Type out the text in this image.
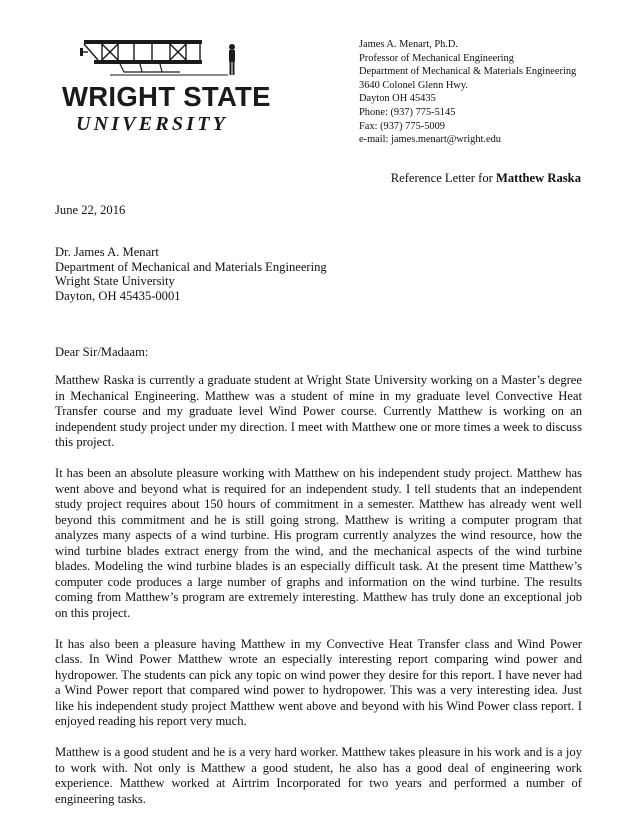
WRIGHT STATE
UNIVERSITY
James A. Menart, Ph.D.
Professor of Mechanical Engineering
Department of Mechanical & Materials Engineering
3640 Colonel Glenn Hwy.
Dayton OH 45435
Phone: (937) 775-5145
Fax: (937) 775-5009
e-mail: james.menart@wright.edu
Reference Letter for Matthew Raska
June 22, 2016
Dr. James A. Menart
Department of Mechanical and Materials Engineering
Wright State University
Dayton, OH 45435-0001
Dear Sir/Madaam:

Matthew Raska is currently a graduate student at Wright State University working on a Master’s degree in Mechanical Engineering. Matthew was a student of mine in my graduate level Convective Heat Transfer course and my graduate level Wind Power course. Currently Matthew is working on an independent study project under my direction. I meet with Matthew one or more times a week to discuss this project.

It has been an absolute pleasure working with Matthew on his independent study project. Matthew has went above and beyond what is required for an independent study. I tell students that an independent study project requires about 150 hours of commitment in a semester. Matthew has already went well beyond this commitment and he is still going strong. Matthew is writing a computer program that analyzes many aspects of a wind turbine. His program currently analyzes the wind resource, how the wind turbine blades extract energy from the wind, and the mechanical aspects of the wind turbine blades. Modeling the wind turbine blades is an especially difficult task. At the present time Matthew’s computer code produces a large number of graphs and information on the wind turbine. The results coming from Matthew’s program are extremely interesting. Matthew has truly done an exceptional job on this project.

It has also been a pleasure having Matthew in my Convective Heat Transfer class and Wind Power class. In Wind Power Matthew wrote an especially interesting report comparing wind power and hydropower. The students can pick any topic on wind power they desire for this report. I have never had a Wind Power report that compared wind power to hydropower. This was a very interesting idea. Just like his independent study project Matthew went above and beyond with his Wind Power class report. I enjoyed reading his report very much.

Matthew is a good student and he is a very hard worker. Matthew takes pleasure in his work and is a joy to work with. Not only is Matthew a good student, he also has a good deal of engineering work experience. Matthew worked at Airtrim Incorporated for two years and performed a number of engineering tasks.
